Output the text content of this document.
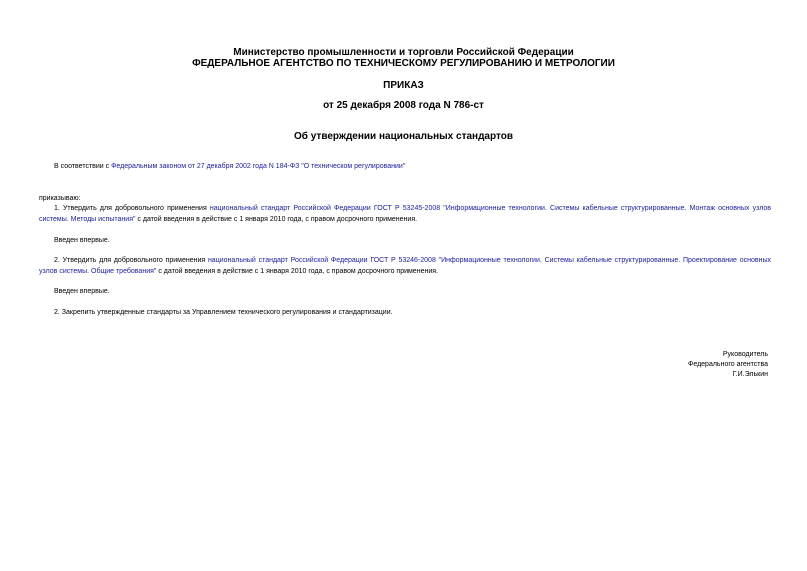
Министерство промышленности и торговли Российской Федерации
ФЕДЕРАЛЬНОЕ АГЕНТСТВО ПО ТЕХНИЧЕСКОМУ РЕГУЛИРОВАНИЮ И МЕТРОЛОГИИ
ПРИКАЗ
от 25 декабря 2008 года N 786-ст
Об утверждении национальных стандартов
В соответствии с Федеральным законом от 27 декабря 2002 года N 184-ФЗ "О техническом регулировании"
приказываю:
1. Утвердить для добровольного применения национальный стандарт Российской Федерации ГОСТ Р 53245-2008 "Информационные технологии. Системы кабельные структурированные. Монтаж основных узлов системы. Методы испытания" с датой введения в действие с 1 января 2010 года, с правом досрочного применения.
Введен впервые.
2. Утвердить для добровольного применения национальный стандарт Российской Федерации ГОСТ Р 53246-2008 "Информационные технологии. Системы кабельные структурированные. Проектирование основных узлов системы. Общие требования" с датой введения в действие с 1 января 2010 года, с правом досрочного применения.
Введен впервые.
2. Закрепить утвержденные стандарты за Управлением технического регулирования и стандартизации.
Руководитель
Федерального агентства
Г.И.Элькин
